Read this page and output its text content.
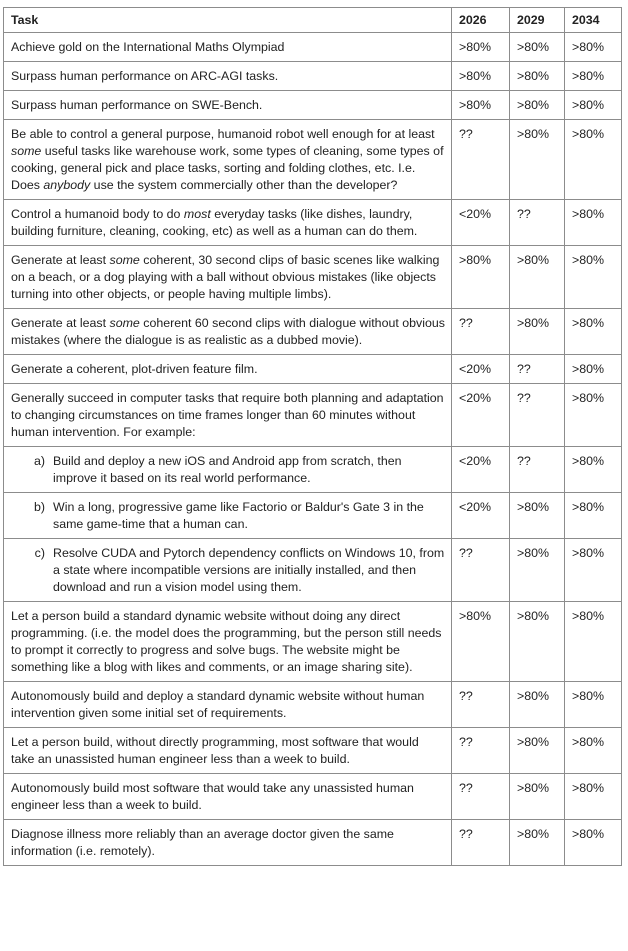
Task	2026	2029	2034
Achieve gold on the International Maths Olympiad	>80%	>80%	>80%
Surpass human performance on ARC-AGI tasks.	>80%	>80%	>80%
Surpass human performance on SWE-Bench.	>80%	>80%	>80%
Be able to control a general purpose, humanoid robot well enough for at least some useful tasks like warehouse work, some types of cleaning, some types of cooking, general pick and place tasks, sorting and folding clothes, etc. I.e. Does anybody use the system commercially other than the developer?	??	>80%	>80%
Control a humanoid body to do most everyday tasks (like dishes, laundry, building furniture, cleaning, cooking, etc) as well as a human can do them.	<20%	??	>80%
Generate at least some coherent, 30 second clips of basic scenes like walking on a beach, or a dog playing with a ball without obvious mistakes (like objects turning into other objects, or people having multiple limbs).	>80%	>80%	>80%
Generate at least some coherent 60 second clips with dialogue without obvious mistakes (where the dialogue is as realistic as a dubbed movie).	??	>80%	>80%
Generate a coherent, plot-driven feature film.	<20%	??	>80%
Generally succeed in computer tasks that require both planning and adaptation to changing circumstances on time frames longer than 60 minutes without human intervention. For example:	<20%	??	>80%

a) Build and deploy a new iOS and Android app from scratch, then improve it based on its real world performance.	<20%	??	>80%

b) Win a long, progressive game like Factorio or Baldur's Gate 3 in the same game-time that a human can.	<20%	>80%	>80%

c) Resolve CUDA and Pytorch dependency conflicts on Windows 10, from a state where incompatible versions are initially installed, and then download and run a vision model using them.	??	>80%	>80%
Let a person build a standard dynamic website without doing any direct programming. (i.e. the model does the programming, but the person still needs to prompt it correctly to progress and solve bugs. The website might be something like a blog with likes and comments, or an image sharing site).	>80%	>80%	>80%
Autonomously build and deploy a standard dynamic website without human intervention given some initial set of requirements.	??	>80%	>80%
Let a person build, without directly programming, most software that would take an unassisted human engineer less than a week to build.	??	>80%	>80%
Autonomously build most software that would take any unassisted human engineer less than a week to build.	??	>80%	>80%
Diagnose illness more reliably than an average doctor given the same information (i.e. remotely).	??	>80%	>80%
